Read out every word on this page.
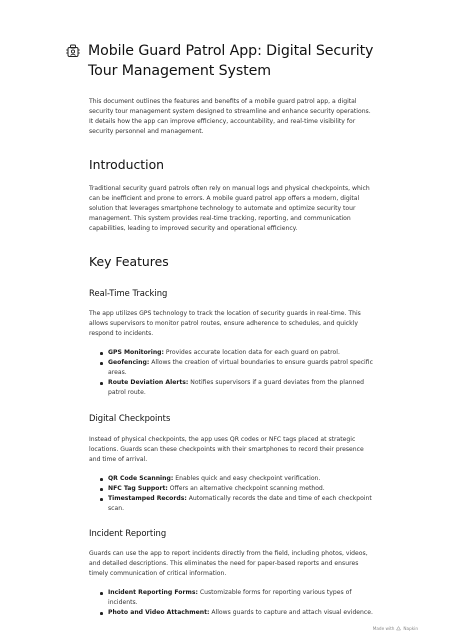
Mobile Guard Patrol App: Digital Security Tour Management System

This document outlines the features and benefits of a mobile guard patrol app, a digital security tour management system designed to streamline and enhance security operations. It details how the app can improve efficiency, accountability, and real-time visibility for security personnel and management.

Introduction

Traditional security guard patrols often rely on manual logs and physical checkpoints, which can be inefficient and prone to errors. A mobile guard patrol app offers a modern, digital solution that leverages smartphone technology to automate and optimize security tour management. This system provides real-time tracking, reporting, and communication capabilities, leading to improved security and operational efficiency.

Key Features
Real-Time Tracking

The app utilizes GPS technology to track the location of security guards in real-time. This allows supervisors to monitor patrol routes, ensure adherence to schedules, and quickly respond to incidents.

GPS Monitoring: Provides accurate location data for each guard on patrol.
Geofencing: Allows the creation of virtual boundaries to ensure guards patrol specific areas.
Route Deviation Alerts: Notifies supervisors if a guard deviates from the planned patrol route.
Digital Checkpoints

Instead of physical checkpoints, the app uses QR codes or NFC tags placed at strategic locations. Guards scan these checkpoints with their smartphones to record their presence and time of arrival.

QR Code Scanning: Enables quick and easy checkpoint verification.
NFC Tag Support: Offers an alternative checkpoint scanning method.
Timestamped Records: Automatically records the date and time of each checkpoint scan.
Incident Reporting

Guards can use the app to report incidents directly from the field, including photos, videos, and detailed descriptions. This eliminates the need for paper-based reports and ensures timely communication of critical information.

Incident Reporting Forms: Customizable forms for reporting various types of incidents.
Photo and Video Attachment: Allows guards to capture and attach visual evidence.
Made with Napkin
